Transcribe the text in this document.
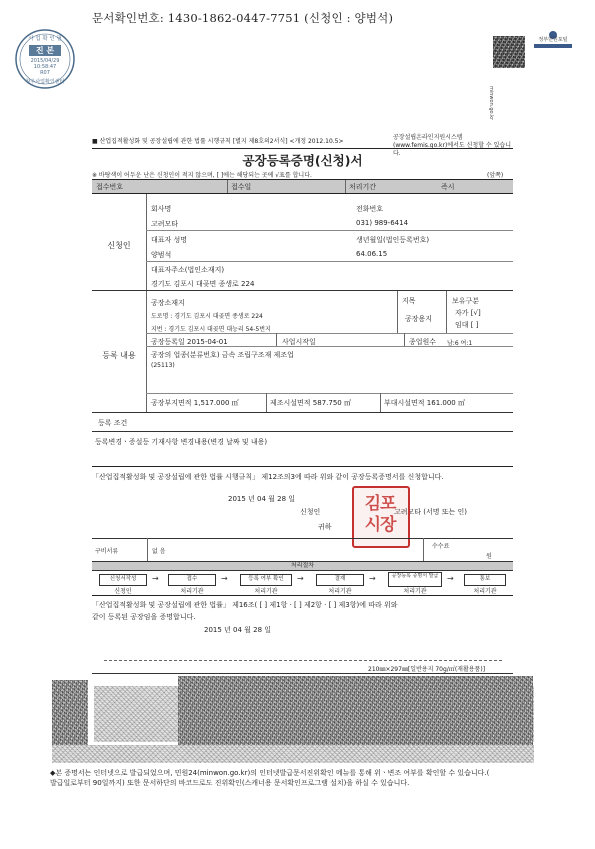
문서확인번호: 1430-1862-0447-7751 (신청인 : 양범석)
사 업 확 인 필
진 본
2015/04/29
10:58:47
R07
창우사업확인센터
정부민원포털
minwon.go.kr
■ 산업집적활성화 및 공장설립에 관한 법률 시행규칙 [별지 제8호의2서식] <개정 2012.10.5>
공장설립온라인지원시스템(www.femis.go.kr)에서도 신청할 수 있습니다.
공장등록증명(신청)서
※ 바탕색이 어두운 난은 신청인이 적지 않으며, [ ]에는 해당되는 곳에 √표를 합니다.	(앞쪽)
접수번호	접수일	처리기간	즉시
신청인
회사명
고려모타
전화번호
031) 989-6414
대표자 성명
양범석
생년월일(법인등록번호)
64.06.15
대표자주소(법인소재지)
경기도 김포시 대곶면 종생로 224
등록 내용
공장소재지
도로명 : 경기도 김포시 대곶면 종생로 224
지번 : 경기도 김포시 대곶면 대능리 54-5번지
지목
공장용지
보유구분
자가 [√]
임대 [ ]
공장등록일 2015-04-01	사업시작일	종업원수 남:6 여:1
공장의 업종(분류번호) 금속 조립구조재 제조업
(25113)
공장부지면적 1,517.000 ㎡	제조시설면적 587.750 ㎡	부대시설면적 161.000 ㎡
등록 조건
등록변경ㆍ증설등 기재사항 변경내용(변경 날짜 및 내용)
「산업집적활성화 및 공장설립에 관한 법률 시행규칙」 제12조의3에 따라 위와 같이 공장등록증명서를 신청합니다.
2015 년 04 월 28 일
신청인	고려모타 (서명 또는 인)
귀하
김포시장
수수료
구비서류	없 음
원
처리절차
신청서작성
신청인
→	접수
처리기관
→	등록 여부 확인
처리기관
→	결재
처리기관
→	공장등록 증명서 발급
처리기관
→	통보
처리기관
「산업집적활성화 및 공장설립에 관한 법률」 제16조( [ ] 제1항 · [ ] 제2항 · [ ] 제3항)에 따라 위와
같이 등록된 공장임을 증명합니다.
2015 년 04 월 28 일
210㎜×297㎜[일반용지 70g/㎡(재활용품)]
◆본 증명서는 인터넷으로 발급되었으며, 민원24(minwon.go.kr)의 인터넷발급문서진위확인 메뉴를 통해 위ㆍ변조 여부를 확인할 수 있습니다.(
발급일로부터 90일까지) 또한 문서하단의 바코드로도 진위확인(스캐너용 문서확인프로그램 설치)을 하실 수 있습니다.
